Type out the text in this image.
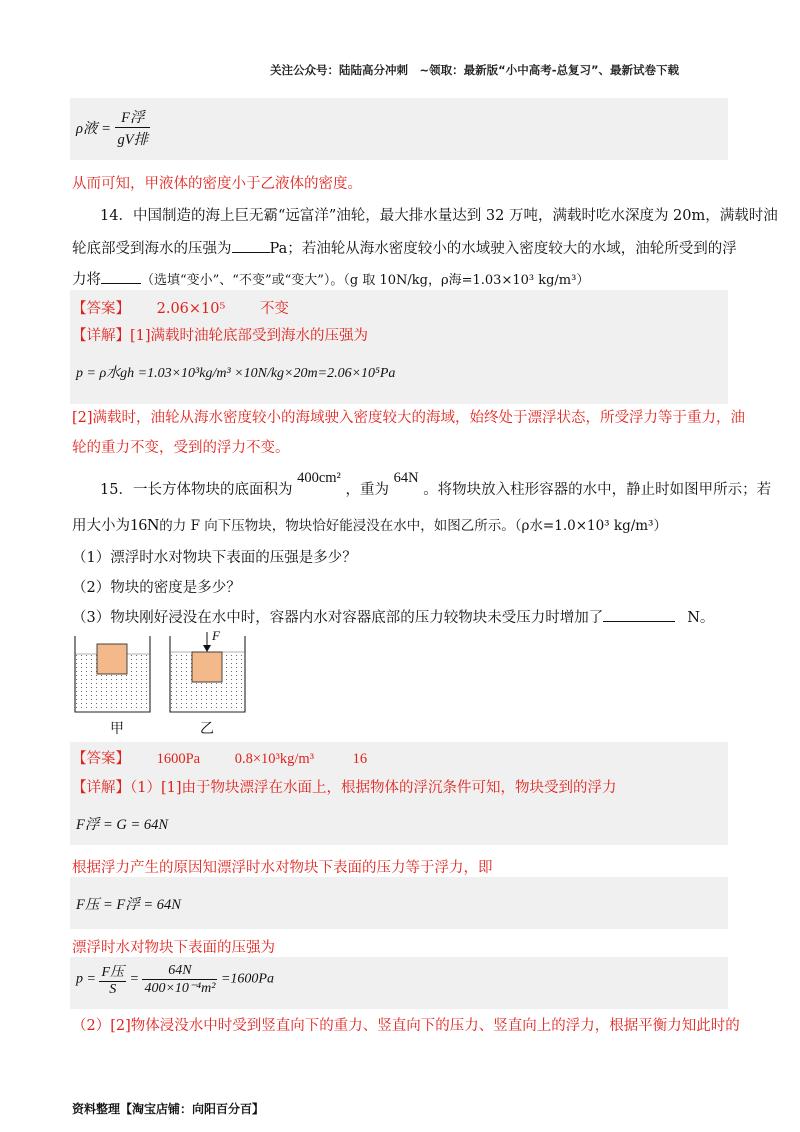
关注公众号：陆陆高分冲刺　~领取：最新版“小中高考-总复习”、最新试卷下载
ρ液 = $\frac{\text{F浮}}{\text{gV排}}$
从而可知，甲液体的密度小于乙液体的密度。
14．中国制造的海上巨无霸“远富洋”油轮，最大排水量达到 32 万吨，满载时吃水深度为 20m，满载时油
轮底部受到海水的压强为	Pa；若油轮从海水密度较小的水域驶入密度较大的水域，油轮所受到的浮
力将	（选填“变小”、“不变”或“变大”）。（g 取 10N/kg，ρ海=1.03×10³ kg/m³）
【答案】 2.06×10⁵ 不变
【详解】[1]满载时油轮底部受到海水的压强为
p = ρ水gh =1.03×10³kg/m³ ×10N/kg×20m=2.06×10⁵Pa
[2]满载时，油轮从海水密度较小的海域驶入密度较大的海域，始终处于漂浮状态，所受浮力等于重力，油
轮的重力不变，受到的浮力不变。
15．一长方体物块的底面积为 400cm² ，重为 64N 。将物块放入柱形容器的水中，静止时如图甲所示；若
用大小为16N的力 F 向下压物块，物块恰好能浸没在水中，如图乙所示。（ρ水=1.0×10³ kg/m³）
（1）漂浮时水对物块下表面的压强是多少？
（2）物块的密度是多少？
（3）物块刚好浸没在水中时，容器内水对容器底部的压力较物块未受压力时增加了	N。
F
甲	乙
【答案】 1600Pa 0.8×10³kg/m³	16
【详解】（1）[1]由于物块漂浮在水面上，根据物体的浮沉条件可知，物块受到的浮力
F浮 = G = 64N
根据浮力产生的原因知漂浮时水对物块下表面的压力等于浮力，即
F压 = F浮 = 64N
漂浮时水对物块下表面的压强为
$p = \frac{\text{F压}}{S} = \frac{64N}{\text{400×10⁻⁴m²}} =1600Pa$
（2）[2]物体浸没水中时受到竖直向下的重力、竖直向下的压力、竖直向上的浮力，根据平衡力知此时的
资料整理【淘宝店铺：向阳百分百】
